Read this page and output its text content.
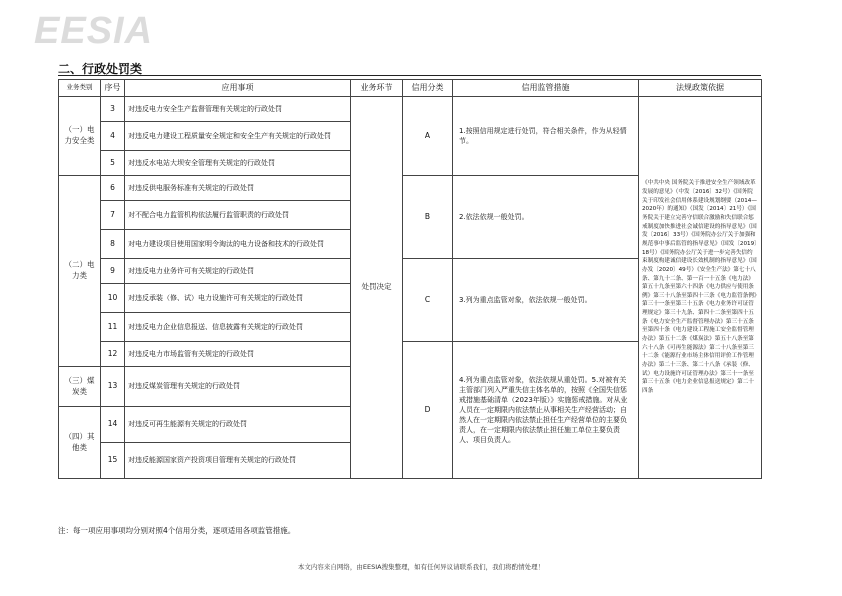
EESIA
二、行政处罚类
业务类别	序号	应用事项	业务环节	信用分类	信用监管措施	法规政策依据
（一）电力安全类	3	对违反电力安全生产监督管理有关规定的行政处罚	处罚决定	A	1.按照信用规定进行处罚，符合相关条件，作为从轻情节。	《中共中央 国务院关于推进安全生产领域改革发展的意见》（中发〔2016〕32号）《国务院关于印发社会信用体系建设规划纲要（2014—2020年）的通知》（国发〔2014〕21号）《国务院关于建立完善守信联合激励和失信联合惩戒制度加快推进社会诚信建设的指导意见》（国发〔2016〕33号）《国务院办公厅关于加强和规范事中事后监管的指导意见》（国发〔2019〕18号）《国务院办公厅关于进一步完善失信约束制度构建诚信建设长效机制的指导意见》（国办发〔2020〕49号）《安全生产法》第七十八条、第九十二条、第一百一十五条《电力法》第五十九条至第六十四条《电力供应与使用条例》第三十八条至第四十三条《电力监管条例》第三十一条至第三十五条《电力业务许可证管理规定》第三十九条、第四十二条至第四十五条《电力安全生产监督管理办法》第三十五条至第四十条《电力建设工程施工安全监督管理办法》第五十二条《煤炭法》第五十八条至第六十八条《可再生能源法》第二十八条至第三十二条《能源行业市场主体信用评价工作管理办法》第二十三条、第二十八条《承装（修、试）电力设施许可证管理办法》第三十一条至第三十五条《电力企业信息报送规定》第二十四条
	4	对违反电力建设工程质量安全规定和安全生产有关规定的行政处罚				
	5	对违反水电站大坝安全管理有关规定的行政处罚				
（二）电力类	6	对违反供电服务标准有关规定的行政处罚		B	2.依法依规一般处罚。	
	7	对不配合电力监管机构依法履行监管职责的行政处罚				
	8	对电力建设项目使用国家明令淘汰的电力设备和技术的行政处罚				
	9	对违反电力业务许可有关规定的行政处罚		C	3.列为重点监管对象，依法依规一般处罚。	
	10	对违反承装（修、试）电力设施许可有关规定的行政处罚				
	11	对违反电力企业信息报送、信息披露有关规定的行政处罚				
	12	对违反电力市场监管有关规定的行政处罚		D	4.列为重点监管对象，依法依规从重处罚。5.对被有关主管部门列入严重失信主体名单的，按照《全国失信惩戒措施基础清单（2023年版）》实施惩戒措施。对从业人员在一定期限内依法禁止从事相关生产经营活动；自然人在一定期限内依法禁止担任生产经营单位的主要负责人，在一定期限内依法禁止担任施工单位主要负责人、项目负责人。	
（三）煤炭类	13	对违反煤炭管理有关规定的行政处罚				
（四）其他类	14	对违反可再生能源有关规定的行政处罚				
	15	对违反能源国家资产投资项目管理有关规定的行政处罚				
注：每一项应用事项均分别对照4个信用分类，逐项适用各项监管措施。
本文内容来自网络，由EESIA搜集整理，如有任何异议请联系我们，我们将酌情处理！
